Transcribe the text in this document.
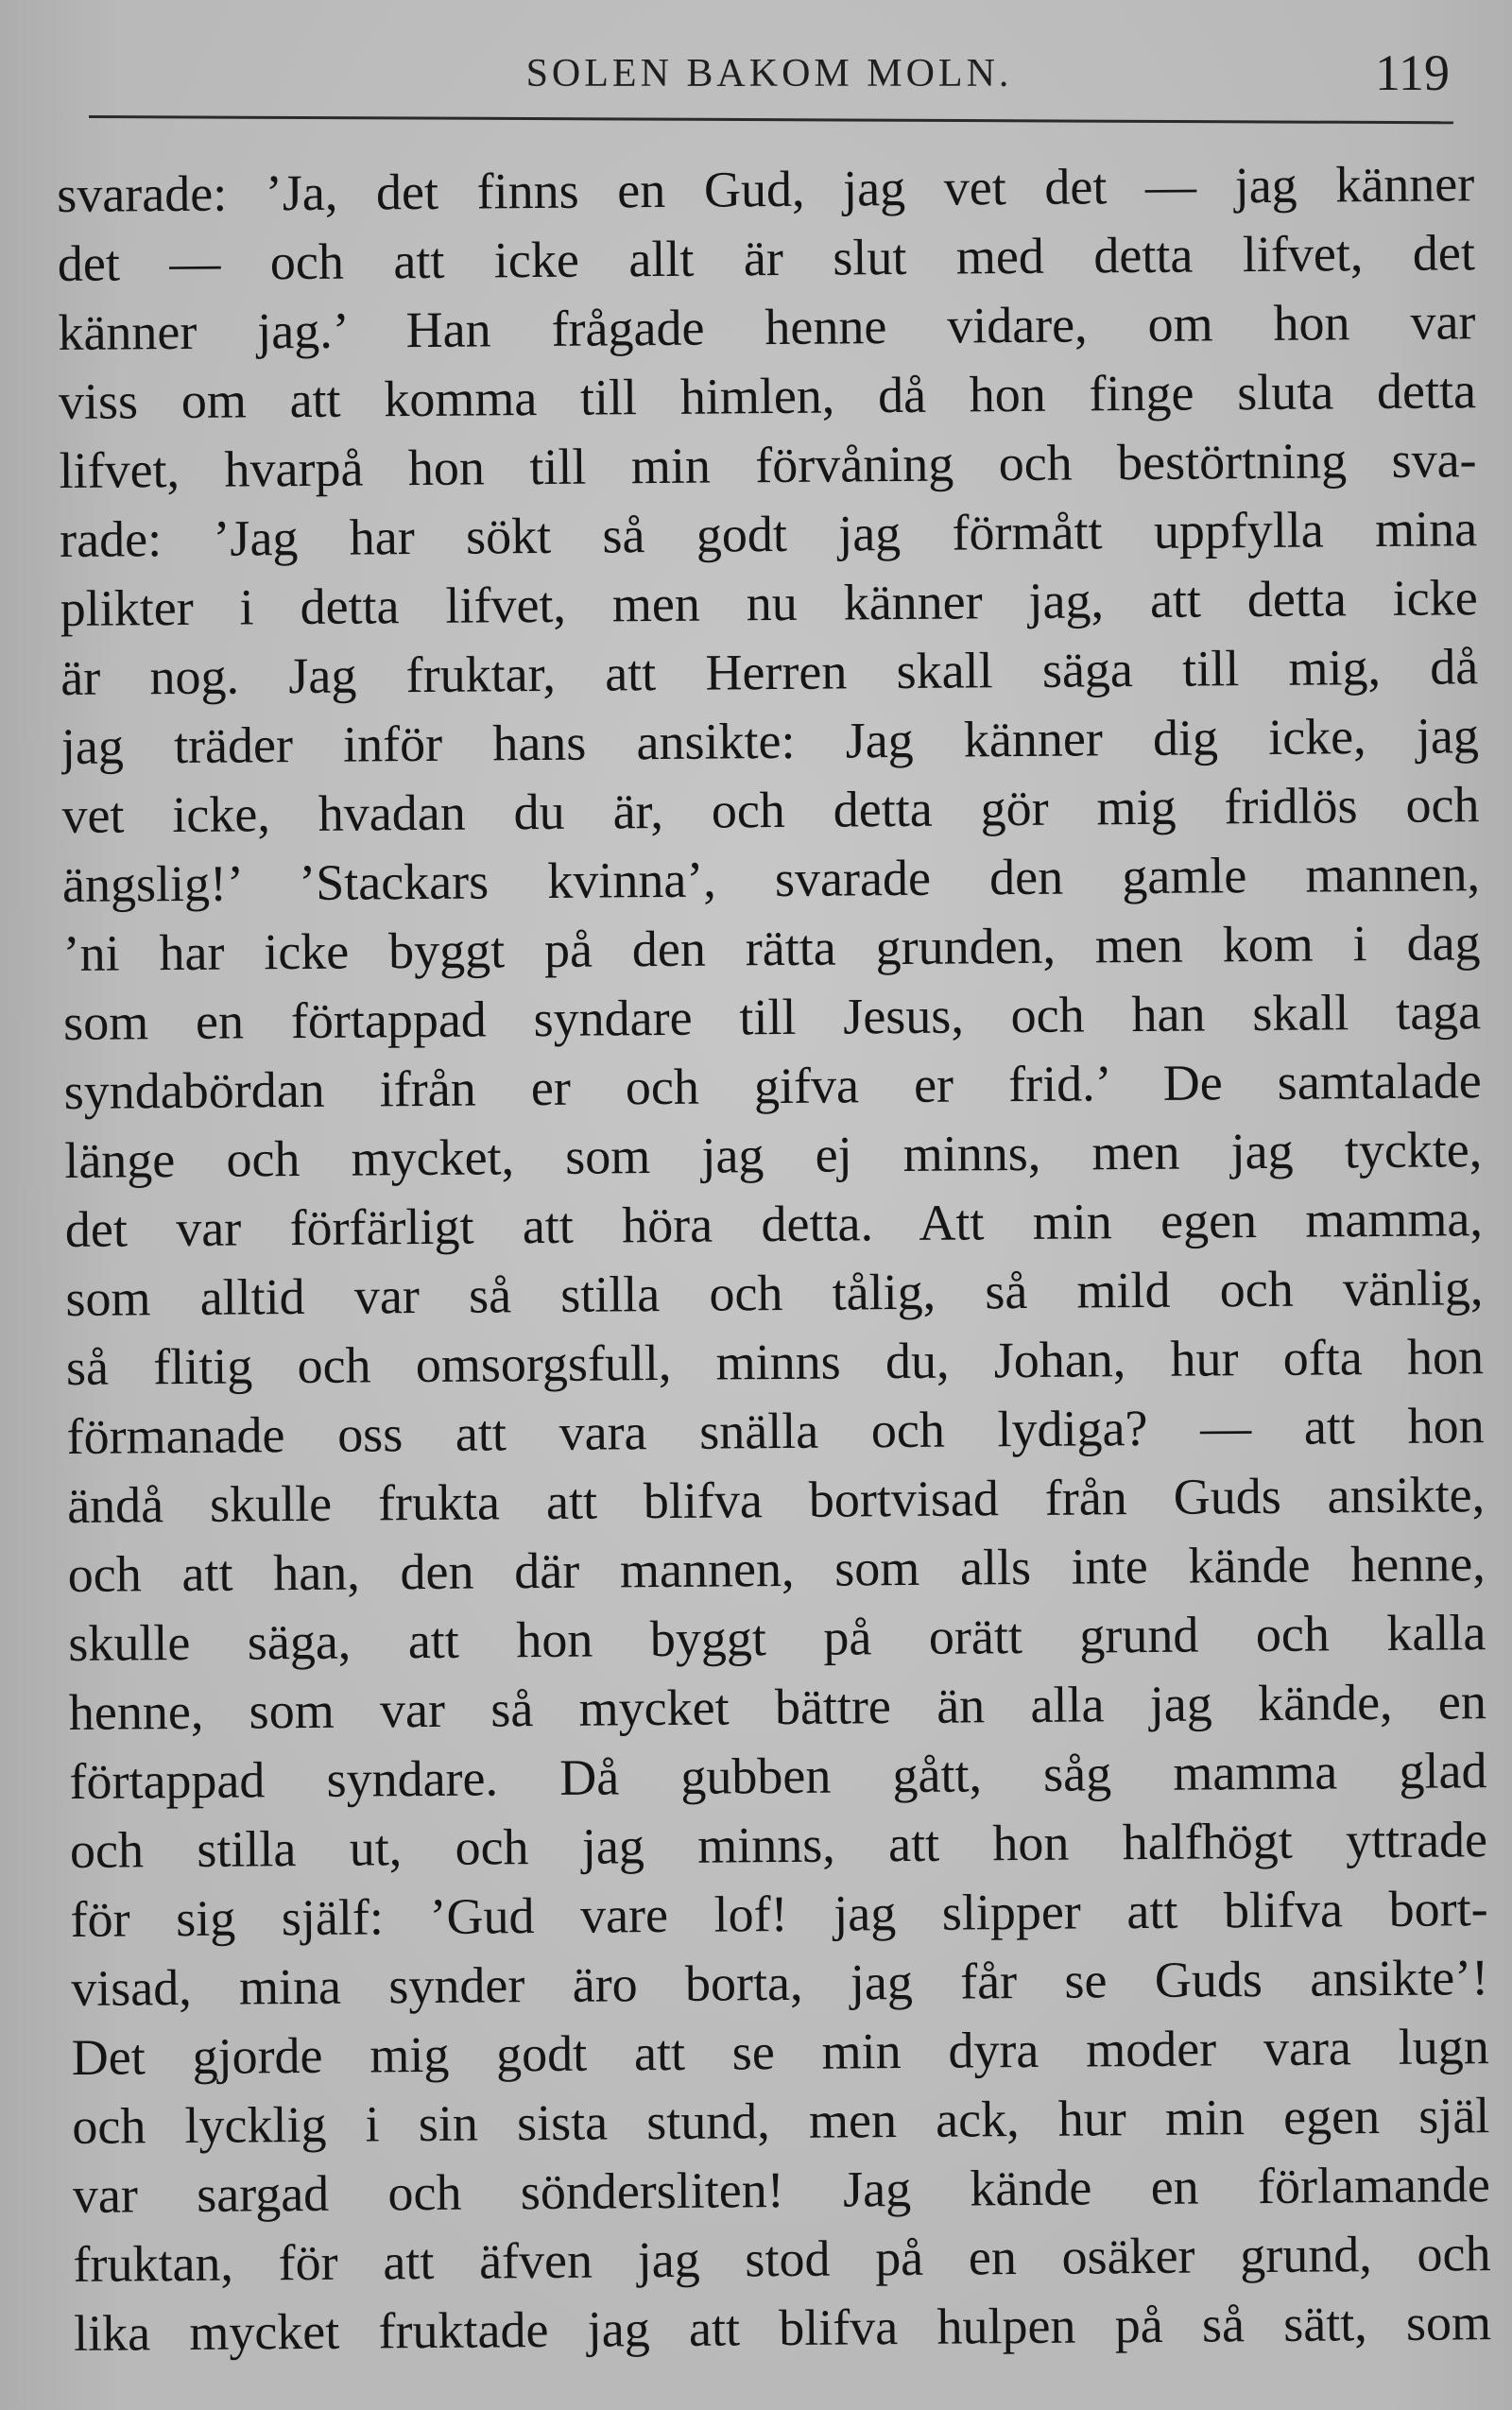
SOLEN BAKOM MOLN.	119
svarade: ’Ja, det finns en Gud, jag vet det — jag känner
det — och att icke allt är slut med detta lifvet, det
känner jag.’ Han frågade henne vidare, om hon var
viss om att komma till himlen, då hon finge sluta detta
lifvet, hvarpå hon till min förvåning och bestörtning sva-
rade: ’Jag har sökt så godt jag förmått uppfylla mina
plikter i detta lifvet, men nu känner jag, att detta icke
är nog. Jag fruktar, att Herren skall säga till mig, då
jag träder inför hans ansikte: Jag känner dig icke, jag
vet icke, hvadan du är, och detta gör mig fridlös och
ängslig!’ ’Stackars kvinna’, svarade den gamle mannen,
’ni har icke byggt på den rätta grunden, men kom i dag
som en förtappad syndare till Jesus, och han skall taga
syndabördan ifrån er och gifva er frid.’ De samtalade
länge och mycket, som jag ej minns, men jag tyckte,
det var förfärligt att höra detta. Att min egen mamma,
som alltid var så stilla och tålig, så mild och vänlig,
så flitig och omsorgsfull, minns du, Johan, hur ofta hon
förmanade oss att vara snälla och lydiga? — att hon
ändå skulle frukta att blifva bortvisad från Guds ansikte,
och att han, den där mannen, som alls inte kände henne,
skulle säga, att hon byggt på orätt grund och kalla
henne, som var så mycket bättre än alla jag kände, en
förtappad syndare. Då gubben gått, såg mamma glad
och stilla ut, och jag minns, att hon halfhögt yttrade
för sig själf: ’Gud vare lof! jag slipper att blifva bort-
visad, mina synder äro borta, jag får se Guds ansikte’!
Det gjorde mig godt att se min dyra moder vara lugn
och lycklig i sin sista stund, men ack, hur min egen själ
var sargad och söndersliten! Jag kände en förlamande
fruktan, för att äfven jag stod på en osäker grund, och
lika mycket fruktade jag att blifva hulpen på så sätt, som
